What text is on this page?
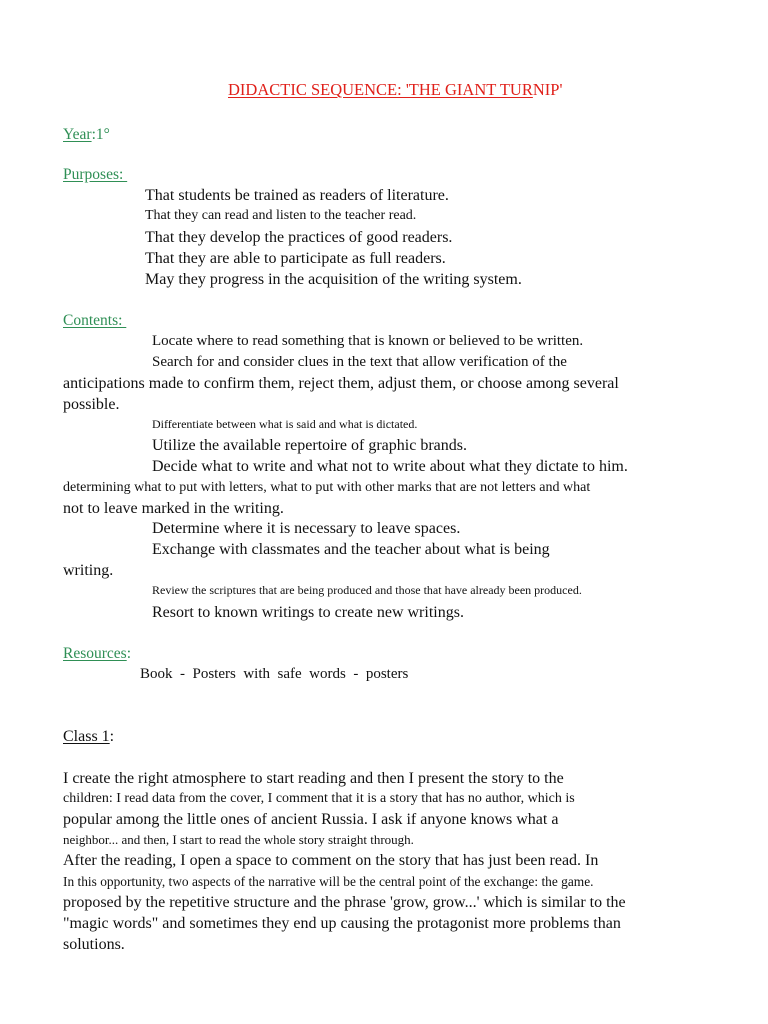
DIDACTIC SEQUENCE: 'THE GIANT TURNIP'
Year:1°
Purposes:
That students be trained as readers of literature.
That they can read and listen to the teacher read.
That they develop the practices of good readers.
That they are able to participate as full readers.
May they progress in the acquisition of the writing system.
Contents:
Locate where to read something that is known or believed to be written.
Search for and consider clues in the text that allow verification of the
anticipations made to confirm them, reject them, adjust them, or choose among several
possible.
Differentiate between what is said and what is dictated.
Utilize the available repertoire of graphic brands.
Decide what to write and what not to write about what they dictate to him.
determining what to put with letters, what to put with other marks that are not letters and what
not to leave marked in the writing.
Determine where it is necessary to leave spaces.
Exchange with classmates and the teacher about what is being
writing.
Review the scriptures that are being produced and those that have already been produced.
Resort to known writings to create new writings.
Resources:
Book  -  Posters  with  safe  words  -  posters
Class 1:
I create the right atmosphere to start reading and then I present the story to the
children: I read data from the cover, I comment that it is a story that has no author, which is
popular among the little ones of ancient Russia. I ask if anyone knows what a
neighbor... and then, I start to read the whole story straight through.
After the reading, I open a space to comment on the story that has just been read. In
In this opportunity, two aspects of the narrative will be the central point of the exchange: the game.
proposed by the repetitive structure and the phrase 'grow, grow...' which is similar to the
"magic words" and sometimes they end up causing the protagonist more problems than
solutions.
